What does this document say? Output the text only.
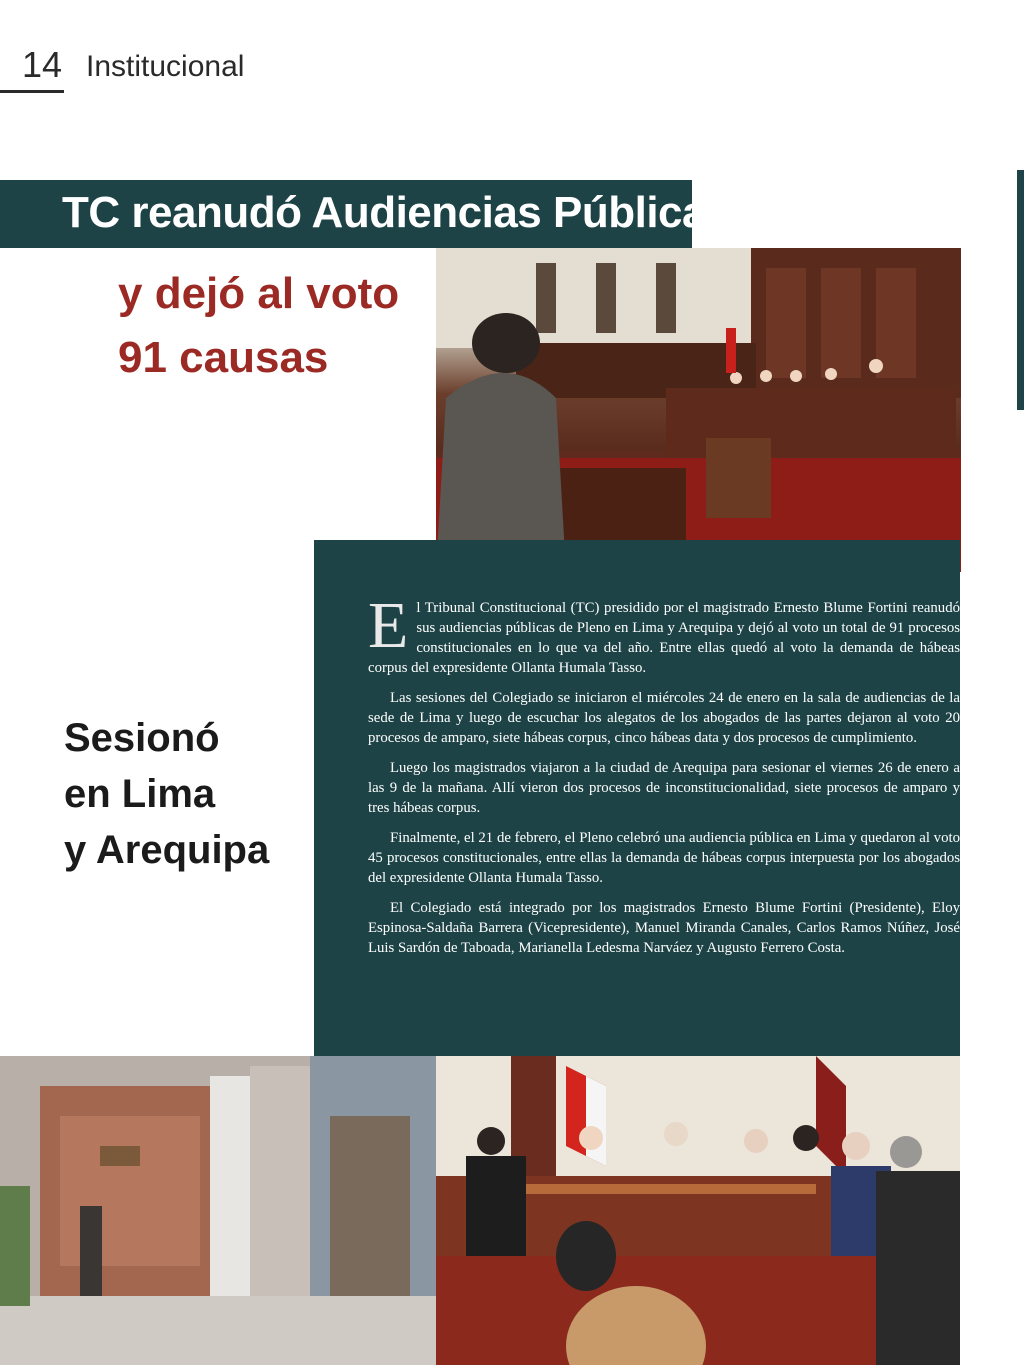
14 Institucional
TC reanudó Audiencias Públicas
y dejó al voto
91 causas

El Tribunal Constitucional (TC) presidido por el magistrado Ernesto Blume Fortini reanudó sus audiencias públicas de Pleno en Lima y Arequipa y dejó al voto un total de 91 procesos constitucionales en lo que va del año. Entre ellas quedó al voto la demanda de hábeas corpus del expresidente Ollanta Humala Tasso.

Las sesiones del Colegiado se iniciaron el miércoles 24 de enero en la sala de audiencias de la sede de Lima y luego de escuchar los alegatos de los abogados de las partes dejaron al voto 20 procesos de amparo, siete hábeas corpus, cinco hábeas data y dos procesos de cumplimiento.

Luego los magistrados viajaron a la ciudad de Arequipa para sesionar el viernes 26 de enero a las 9 de la mañana. Allí vieron dos procesos de inconstitucionalidad, siete procesos de amparo y tres hábeas corpus.

Finalmente, el 21 de febrero, el Pleno celebró una audiencia pública en Lima y quedaron al voto 45 procesos constitucionales, entre ellas la demanda de hábeas corpus interpuesta por los abogados del expresidente Ollanta Humala Tasso.

El Colegiado está integrado por los magistrados Ernesto Blume Fortini (Presidente), Eloy Espinosa-Saldaña Barrera (Vicepresidente), Manuel Miranda Canales, Carlos Ramos Núñez, José Luis Sardón de Taboada, Marianella Ledesma Narváez y Augusto Ferrero Costa.

Sesionó
en Lima
y Arequipa
